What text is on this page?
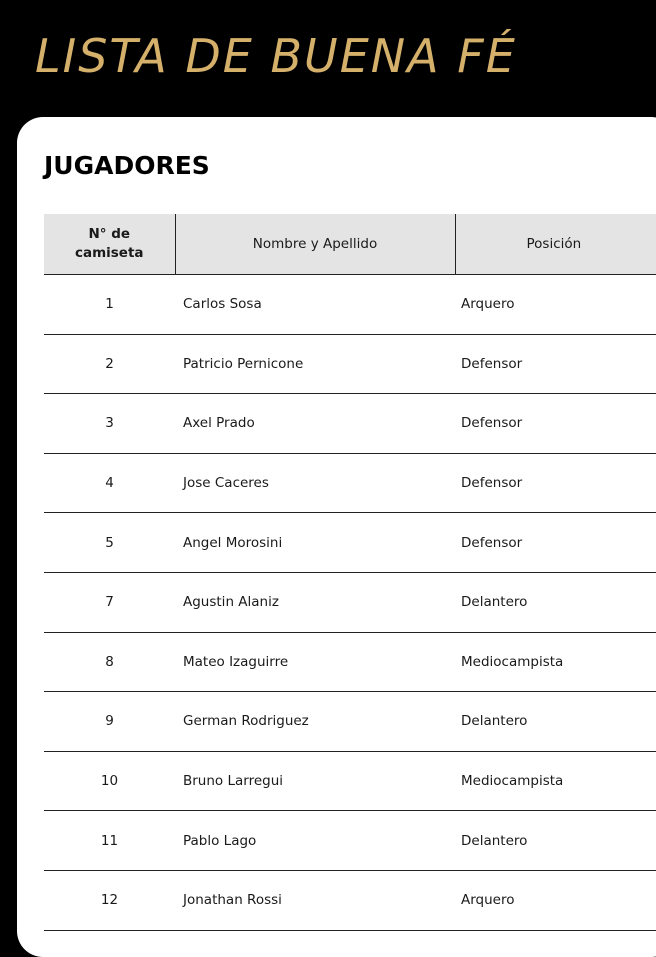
LISTA DE BUENA FÉ
JUGADORES
N° de camiseta	Nombre y Apellido	Posición
1	Carlos Sosa	Arquero
2	Patricio Pernicone	Defensor
3	Axel Prado	Defensor
4	Jose Caceres	Defensor
5	Angel Morosini	Defensor
7	Agustin Alaniz	Delantero
8	Mateo Izaguirre	Mediocampista
9	German Rodriguez	Delantero
10	Bruno Larregui	Mediocampista
11	Pablo Lago	Delantero
12	Jonathan Rossi	Arquero
